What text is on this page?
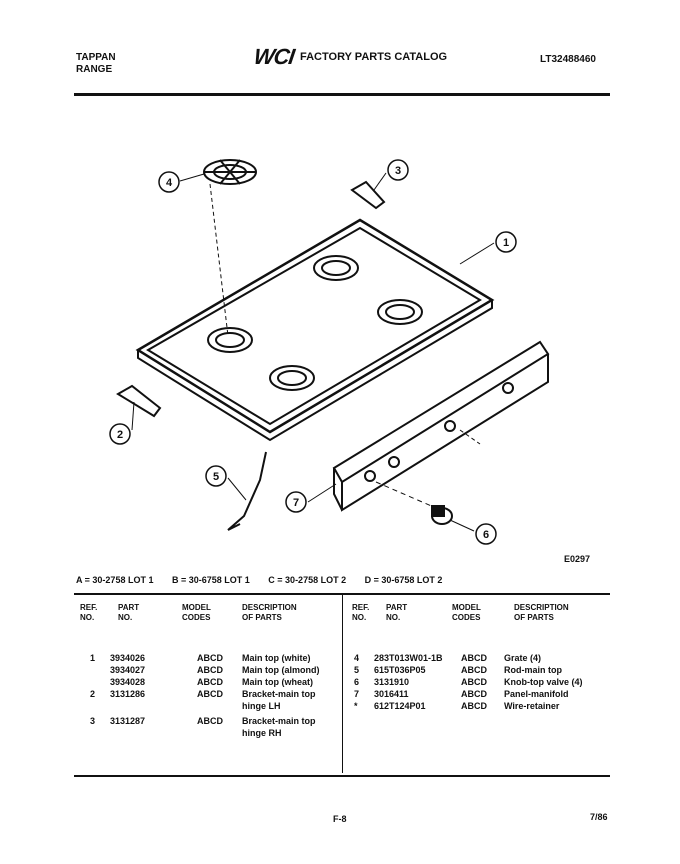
TAPPAN
RANGE
WCI FACTORY PARTS CATALOG	LT32488460
4
3
1
2
5
7
6
E0297
A = 30-2758 LOT 1 B = 30-6758 LOT 1 C = 30-2758 LOT 2 D = 30-6758 LOT 2
REF.
NO.
PART
NO.
MODEL
CODES
DESCRIPTION
OF PARTS
REF.
NO.
PART
NO.
MODEL
CODES
DESCRIPTION
OF PARTS
1 3934026	ABCD Main top (white)
3934027	ABCD Main top (almond)
3934028	ABCD Main top (wheat)
2 3131286	ABCD Bracket-main top
hinge LH
3 3131287	ABCD Bracket-main top
hinge RH
4 283T013W01-1B ABCD Grate (4)
5 615T036P05	ABCD Rod-main top
6 3131910	ABCD Knob-top valve (4)
7 3016411	ABCD Panel-manifold
* 612T124P01	ABCD Wire-retainer
F-8	7/86
